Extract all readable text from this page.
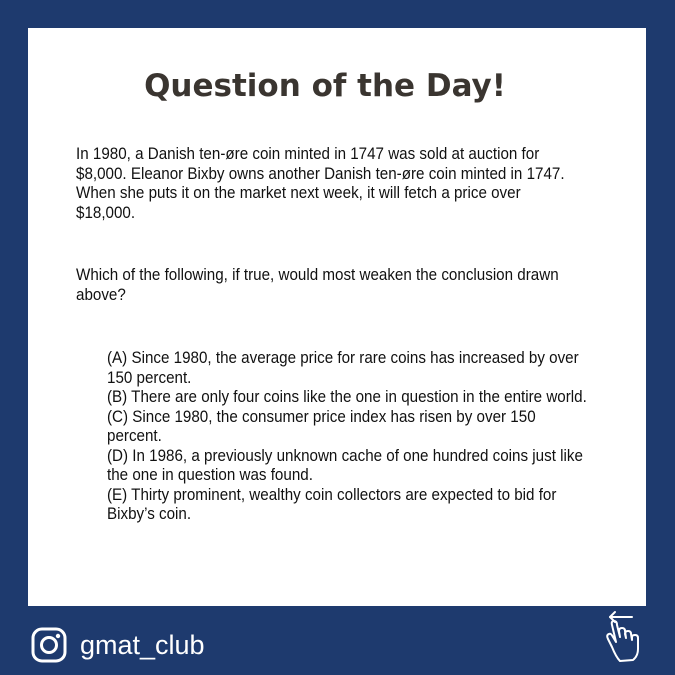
Question of the Day!
In 1980, a Danish ten-øre coin minted in 1747 was sold at auction for $8,000. Eleanor Bixby owns another Danish ten-øre coin minted in 1747. When she puts it on the market next week, it will fetch a price over $18,000.
Which of the following, if true, would most weaken the conclusion drawn above?
(A) Since 1980, the average price for rare coins has increased by over 150 percent.
(B) There are only four coins like the one in question in the entire world.
(C) Since 1980, the consumer price index has risen by over 150 percent.
(D) In 1986, a previously unknown cache of one hundred coins just like the one in question was found.
(E) Thirty prominent, wealthy coin collectors are expected to bid for Bixby’s coin.
gmat_club
